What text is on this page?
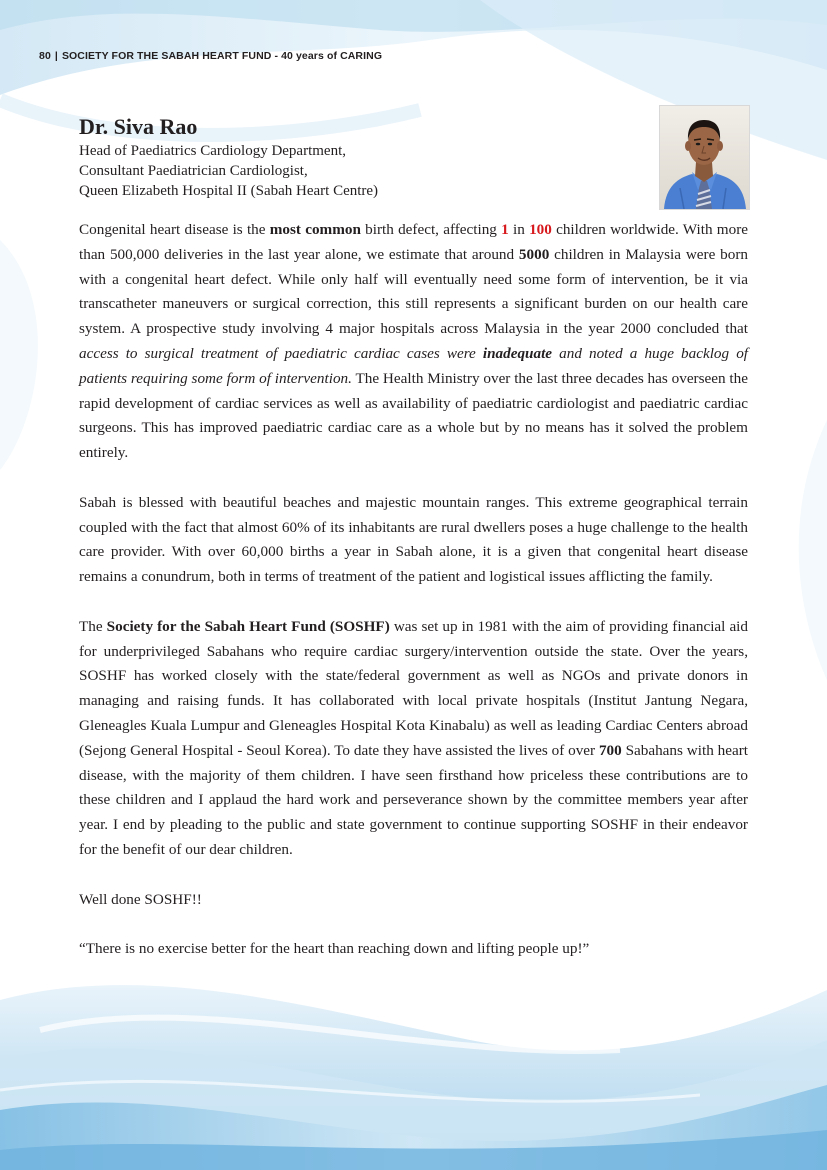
80 | SOCIETY FOR THE SABAH HEART FUND - 40 years of CARING

Dr. Siva Rao

Head of Paediatrics Cardiology Department,

Consultant Paediatrician Cardiologist,

Queen Elizabeth Hospital II (Sabah Heart Centre)

Congenital heart disease is the most common birth defect, affecting 1 in 100 children worldwide. With more than 500,000 deliveries in the last year alone, we estimate that around 5000 children in Malaysia were born with a congenital heart defect. While only half will eventually need some form of intervention, be it via transcatheter maneuvers or surgical correction, this still represents a significant burden on our health care system. A prospective study involving 4 major hospitals across Malaysia in the year 2000 concluded that access to surgical treatment of paediatric cardiac cases were inadequate and noted a huge backlog of patients requiring some form of intervention. The Health Ministry over the last three decades has overseen the rapid development of cardiac services as well as availability of paediatric cardiologist and paediatric cardiac surgeons. This has improved paediatric cardiac care as a whole but by no means has it solved the problem entirely.

Sabah is blessed with beautiful beaches and majestic mountain ranges. This extreme geographical terrain coupled with the fact that almost 60% of its inhabitants are rural dwellers poses a huge challenge to the health care provider. With over 60,000 births a year in Sabah alone, it is a given that congenital heart disease remains a conundrum, both in terms of treatment of the patient and logistical issues afflicting the family.

The Society for the Sabah Heart Fund (SOSHF) was set up in 1981 with the aim of providing financial aid for underprivileged Sabahans who require cardiac surgery/intervention outside the state. Over the years, SOSHF has worked closely with the state/federal government as well as NGOs and private donors in managing and raising funds. It has collaborated with local private hospitals (Institut Jantung Negara, Gleneagles Kuala Lumpur and Gleneagles Hospital Kota Kinabalu) as well as leading Cardiac Centers abroad (Sejong General Hospital - Seoul Korea). To date they have assisted the lives of over 700 Sabahans with heart disease, with the majority of them children. I have seen firsthand how priceless these contributions are to these children and I applaud the hard work and perseverance shown by the committee members year after year. I end by pleading to the public and state government to continue supporting SOSHF in their endeavor for the benefit of our dear children.

Well done SOSHF!!

“There is no exercise better for the heart than reaching down and lifting people up!”
